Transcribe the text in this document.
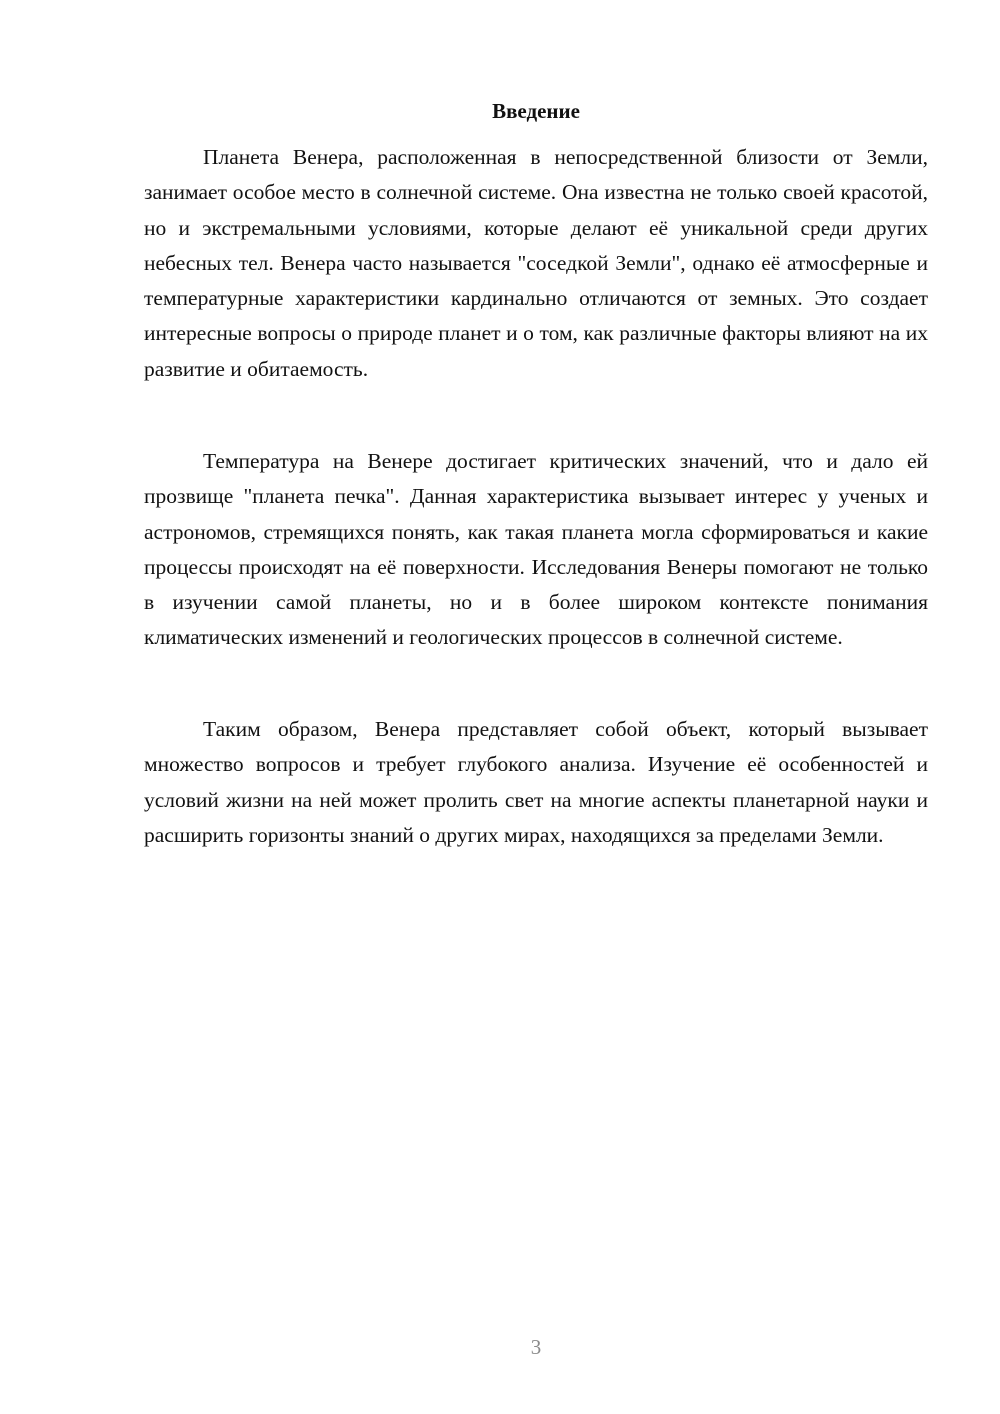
Введение

Планета Венера, расположенная в непосредственной близости от Земли, занимает особое место в солнечной системе. Она известна не только своей красотой, но и экстремальными условиями, которые делают её уникальной среди других небесных тел. Венера часто называется "соседкой Земли", однако её атмосферные и температурные характеристики кардинально отличаются от земных. Это создает интересные вопросы о природе планет и о том, как различные факторы влияют на их развитие и обитаемость.

Температура на Венере достигает критических значений, что и дало ей прозвище "планета печка". Данная характеристика вызывает интерес у ученых и астрономов, стремящихся понять, как такая планета могла сформироваться и какие процессы происходят на её поверхности. Исследования Венеры помогают не только в изучении самой планеты, но и в более широком контексте понимания климатических изменений и геологических процессов в солнечной системе.

Таким образом, Венера представляет собой объект, который вызывает множество вопросов и требует глубокого анализа. Изучение её особенностей и условий жизни на ней может пролить свет на многие аспекты планетарной науки и расширить горизонты знаний о других мирах, находящихся за пределами Земли.

3
